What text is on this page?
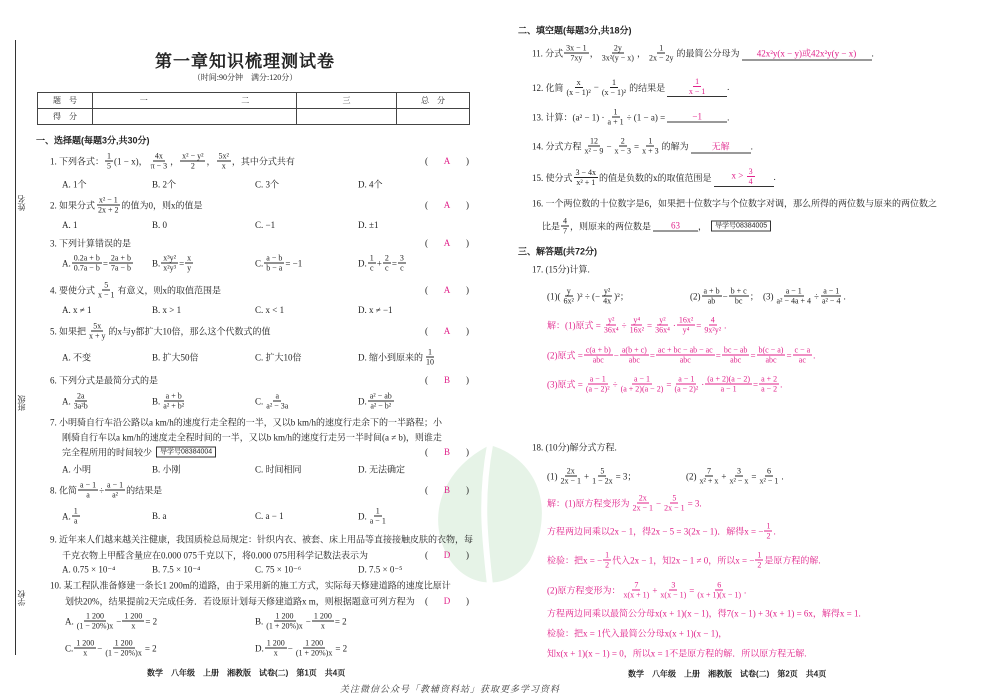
姓名
班级
学校
第一章知识梳理测试卷
（时间:90分钟　满分:120分）
题　号	一	二	三	总　分
得　分				
一、选择题(每题3分,共30分)
1. 下列各式： $\frac{1}{5} (1 - x)$， $\frac{4x}{\pi - 3}$ ， $\frac{\text{x² − y²}}{2}$ ， $\frac{\text{5x²}}{x}$ ，其中分式共有	( A )
A. 1个	B. 2个	C. 3个	D. 4个
2. 如果分式 $\frac{\text{x² − 1}}{2x + 2}$ 的值为0，则x的值是	( A )
A. 1	B. 0	C. −1	D. ±1
3. 下列计算错误的是	( A )
A. $\frac{0.2a + b}{0.7a - b} = \frac{2a + b}{7a - b} B$. $\frac{\text{x³y²}}{\text{x²y³}} = \frac{x}{y}$	C. $\frac{a - b}{b - a} = -1$	D. $\frac{1}{c} + \frac{2}{c} = \frac{3}{c}$
4. 要使分式 $\frac{5}{x - 1}$ 有意义，则x的取值范围是	( A )
A. x ≠ 1	B. x > 1	C. x < 1	D. x ≠ −1
5. 如果把 $\frac{5x}{x + y}$ 的x与y都扩大10倍，那么这个代数式的值	( A )
A. 不变	B. 扩大50倍	C. 扩大10倍	D. 缩小到原来的 $\frac{1}{10}$
6. 下列分式是最简分式的是	( B )
A. $\frac{2a}{\text{3a²b}}$	B. $\frac{a + b}{\text{a² + b²}}$	C. $\frac{a}{\text{a² − 3a}}$	D. $\frac{\text{a² − ab}}{\text{a² − b²}}$
7. 小明骑自行车沿公路以a km/h的速度行走全程的一半，又以b km/h的速度行走余下的一半路程；小
刚骑自行车以a km/h的速度走全程时间的一半，又以b km/h的速度行走另一半时间(a ≠ b)，则谁走
完全程所用的时间较少	导学号08384004	( B )
A. 小明	B. 小刚	C. 时间相同	D. 无法确定
8. 化简 $\frac{a - 1}{a} \div \frac{a - 1}{\text{a²}}$ 的结果是	( B )
A. $\frac{1}{a}$	B. a	C. a − 1	D. $\frac{1}{a - 1}$
9. 近年来人们越来越关注健康，我国质检总局规定：针织内衣、被套、床上用品等直接接触皮肤的衣物，每
千克衣物上甲醛含量应在0.000 075千克以下，将0.000 075用科学记数法表示为	( D )
A. 0.75 × 10⁻⁴	B. 7.5 × 10⁻⁴	C. 75 × 10⁻⁶	D. 7.5 × 0⁻⁵
10. 某工程队准备修建一条长1 200m的道路，由于采用新的施工方式，实际每天修建道路的速度比原计
划快20%，结果提前2天完成任务．若设原计划每天修建道路x m，则根据题意可列方程为 ( D )
A. $\frac{1 200}{(1 - 20\%)x} - \frac{1 200}{x} = 2$	B. $\frac{1 200}{(1 + 20\%)x} - \frac{1 200}{x} = 2$
C. $\frac{1 200}{x} - \frac{1 200}{(1 - 20\%)x} = 2$	D. $\frac{1 200}{x} - \frac{1 200}{(1 + 20\%)x} = 2$
数学　八年级　上册　湘教版　试卷(二)　第1页　共4页
二、填空题(每题3分,共18分)
11. 分式 $\frac{3x - 1}{7xy}$ ， $\frac{2y}{\text{3x²(y − x)}}$ ， $\frac{1}{2x - 2y}$ 的最简公分母为	42x²y(x − y)或42x²y(y − x)	.
12. 化简 $\frac{x}{\text{(x − 1)²}} - \frac{1}{\text{(x − 1)²}}$ 的结果是	$\frac{1}{x - 1}$ .
13. 计算：$(a^2 - 1) \cdot \frac{1}{a + 1} \div (1 - a)$ =	−1	.
14. 分式方程 $\frac{12}{\text{x² − 9}} - \frac{2}{x - 3} = \frac{1}{x + 3}$ 的解为	无解	.
15. 使分式 $\frac{3 - 4x}{\text{x² + 1}}$ 的值是负数的x的取值范围是	$x > \frac{3}{4}$ .
16. 一个两位数的十位数字是6，如果把十位数字与个位数字对调，那么所得的两位数与原来的两位数之
比是 $\frac{4}{7}$ ，则原来的两位数是	63	，	导学号08384005
17. (15分)计算.
$(1)( \frac{y}{\text{6x²}} )^2$ ÷ (− $\frac{\text{y²}}{4x} )^2$；	$(2) \frac{a + b}{ab} - \frac{b + c}{bc}$ ； $(3) \frac{a - 1}{\text{a² − 4a + 4}} \div \frac{a - 1}{\text{a² − 4}}$ .
解：(1)原式 = $\frac{\text{y²}}{\text{36x⁴}} \div \frac{\text{y⁴}}{\text{16x²}} = \frac{\text{y²}}{\text{36x⁴}} \cdot \frac{\text{16x²}}{\text{y⁴}} = \frac{4}{\text{9x²y²}}$ .
(2)原式 = $\frac{c(a + b)}{\text{abc}} - \frac{a(b + c)}{\text{abc}} = \frac{ac + bc - ab - ac}{\text{abc}} = \frac{bc - ab}{\text{abc}} = \frac{b(c - a)}{\text{abc}} = \frac{c - a}{ac}$ .
(3)原式 = $\frac{a - 1}{\text{(a − 2)²}} \div \frac{a - 1}{(a + 2)(a - 2)} = \frac{a - 1}{\text{(a − 2)²}} \cdot \frac{(a + 2)(a - 2)}{a - 1} = \frac{a + 2}{a - 2}$ .
18. (10分)解分式方程.
$(1) \frac{2x}{2x - 1} + \frac{5}{1 - 2x} = 3$；	$(2) \frac{7}{\text{x² + x}} + \frac{3}{\text{x² − x}} = \frac{6}{\text{x² − 1}}$ .
解：(1)原方程变形为 $\frac{2x}{2x - 1} - \frac{5}{2x - 1} = 3$.
方程两边同乘以2x − 1，得2x − 5 = 3(2x − 1)．解得x = − $\frac{1}{2}$ .
检验：把x = − $\frac{1}{2}$ 代入2x − 1，知2x − 1 ≠ 0，所以x = − $\frac{1}{2}$ 是原方程的解.
(2)原方程变形为： $\frac{7}{x(x + 1)} + \frac{3}{x(x - 1)} = \frac{6}{(x + 1)(x - 1)}$ .
方程两边同乘以最简公分母x(x + 1)(x − 1)，得7(x − 1) + 3(x + 1) = 6x，解得x = 1.
检验：把x = 1代入最简公分母x(x + 1)(x − 1)，
知x(x + 1)(x − 1) = 0，所以x = 1不是原方程的解．所以原方程无解.
三、解答题(共72分)
数学　八年级　上册　湘教版　试卷(二)　第2页　共4页
关注微信公众号「教辅资料站」获取更多学习资料
